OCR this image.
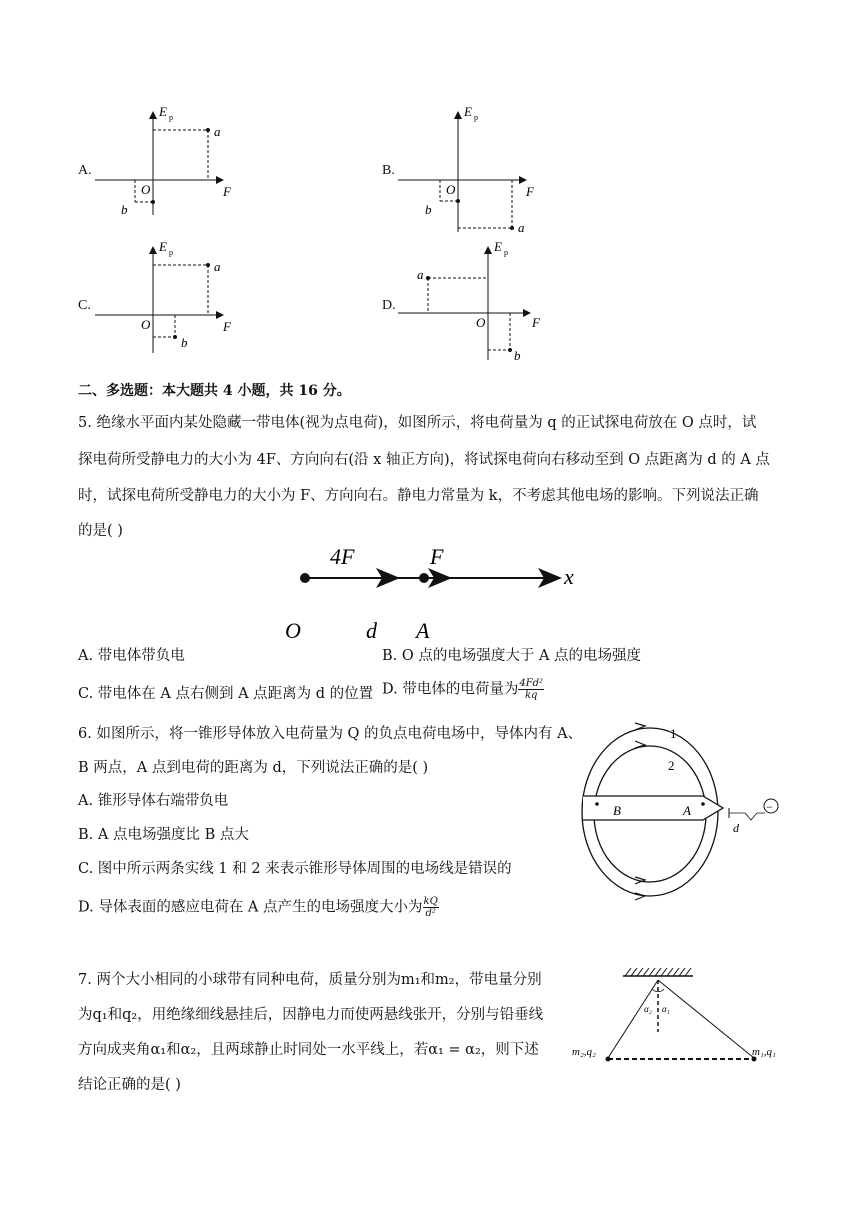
A.
E p
F
O
a
b
B.
E p
F
O
b
a
C.
E p
F
O
a
b
D.
E p
F
O
a
b
二、多选题：本大题共 4 小题，共 16 分。
5. 绝缘水平面内某处隐藏一带电体(视为点电荷)，如图所示，将电荷量为 q 的正试探电荷放在 O 点时，试
探电荷所受静电力的大小为 4F、方向向右(沿 x 轴正方向)，将试探电荷向右移动至到 O 点距离为 d 的 A 点
时，试探电荷所受静电力的大小为 F、方向向右。静电力常量为 k，不考虑其他电场的影响。下列说法正确
的是( )
4F	F
O	d A
x
A. 带电体带负电	B. O 点的电场强度大于 A 点的电场强度
C. 带电体在 A 点右侧到 A 点距离为 d 的位置 D. 带电体的电荷量为 $\frac{\text{4Fd²}}{kq}$
6. 如图所示，将一锥形导体放入电荷量为 Q 的负点电荷电场中，导体内有 A、
B 两点，A 点到电荷的距离为 d，下列说法正确的是( )
A. 锥形导体右端带负电
B. A 点电场强度比 B 点大
C. 图中所示两条实线 1 和 2 来表示锥形导体周围的电场线是错误的
D. 导体表面的感应电荷在 A 点产生的电场强度大小为 $\frac{kQ}{\text{d²}}$
1
2
B	A
d
−
7. 两个大小相同的小球带有同种电荷，质量分别为m₁和m₂，带电量分别
为q₁和q₂，用绝缘细线悬挂后，因静电力而使两悬线张开，分别与铅垂线
方向成夹角α₁和α₂，且两球静止时同处一水平线上，若α₁ = α₂，则下述
结论正确的是( )
α₂ α₁
m₂,q₂	m₁,q₁
